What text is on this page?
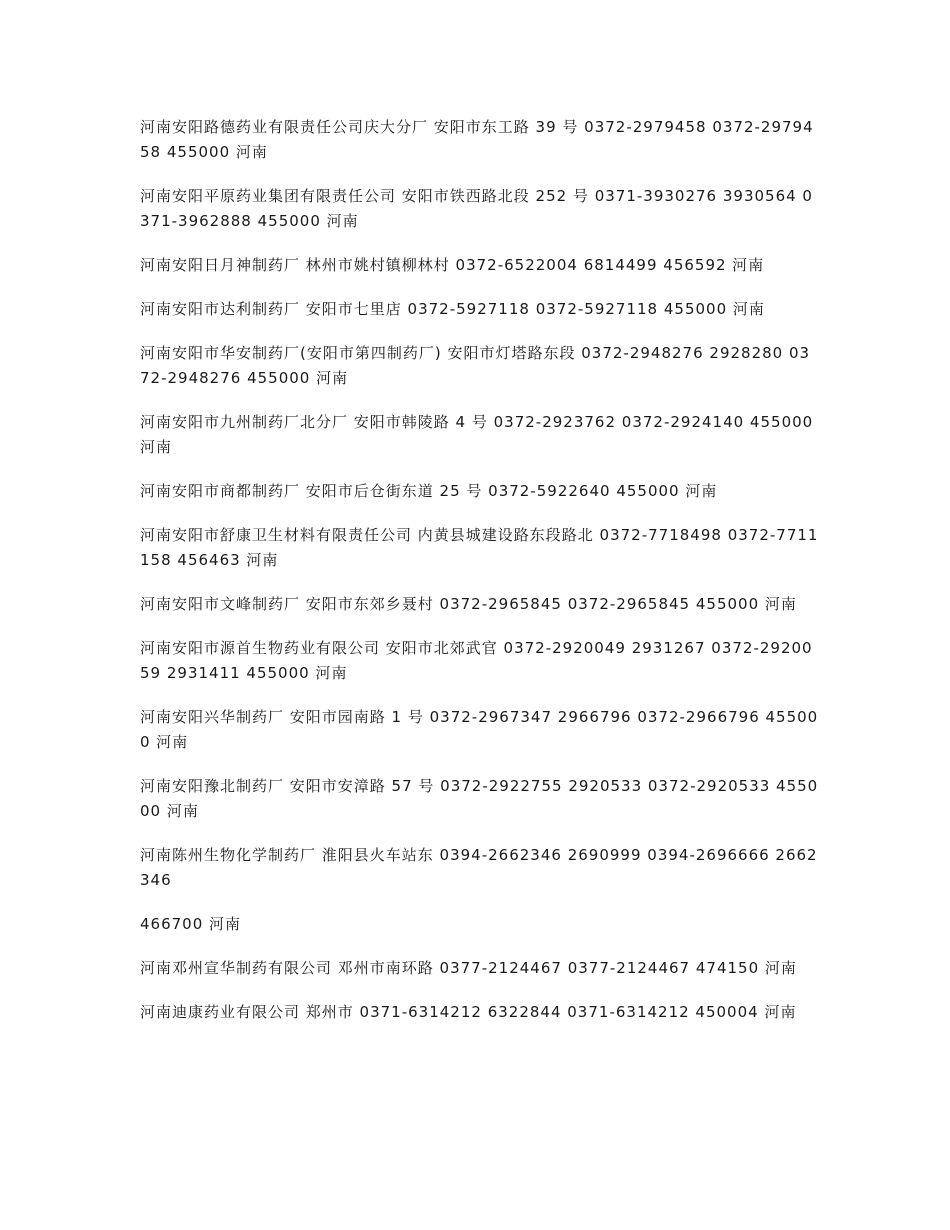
河南安阳路德药业有限责任公司庆大分厂 安阳市东工路 39 号 0372-2979458 0372-2979458 455000 河南

河南安阳平原药业集团有限责任公司 安阳市铁西路北段 252 号 0371-3930276 3930564 0371-3962888 455000 河南

河南安阳日月神制药厂 林州市姚村镇柳林村 0372-6522004 6814499 456592 河南

河南安阳市达利制药厂 安阳市七里店 0372-5927118 0372-5927118 455000 河南

河南安阳市华安制药厂(安阳市第四制药厂) 安阳市灯塔路东段 0372-2948276 2928280 0372-2948276 455000 河南

河南安阳市九州制药厂北分厂 安阳市韩陵路 4 号 0372-2923762 0372-2924140 455000 河南

河南安阳市商都制药厂 安阳市后仓街东道 25 号 0372-5922640 455000 河南

河南安阳市舒康卫生材料有限责任公司 内黄县城建设路东段路北 0372-7718498 0372-7711158 456463 河南

河南安阳市文峰制药厂 安阳市东郊乡聂村 0372-2965845 0372-2965845 455000 河南

河南安阳市源首生物药业有限公司 安阳市北郊武官 0372-2920049 2931267 0372-2920059 2931411 455000 河南

河南安阳兴华制药厂 安阳市园南路 1 号 0372-2967347 2966796 0372-2966796 455000 河南

河南安阳豫北制药厂 安阳市安漳路 57 号 0372-2922755 2920533 0372-2920533 455000 河南

河南陈州生物化学制药厂 淮阳县火车站东 0394-2662346 2690999 0394-2696666 2662346

466700 河南

河南邓州宣华制药有限公司 邓州市南环路 0377-2124467 0377-2124467 474150 河南

河南迪康药业有限公司 郑州市 0371-6314212 6322844 0371-6314212 450004 河南
